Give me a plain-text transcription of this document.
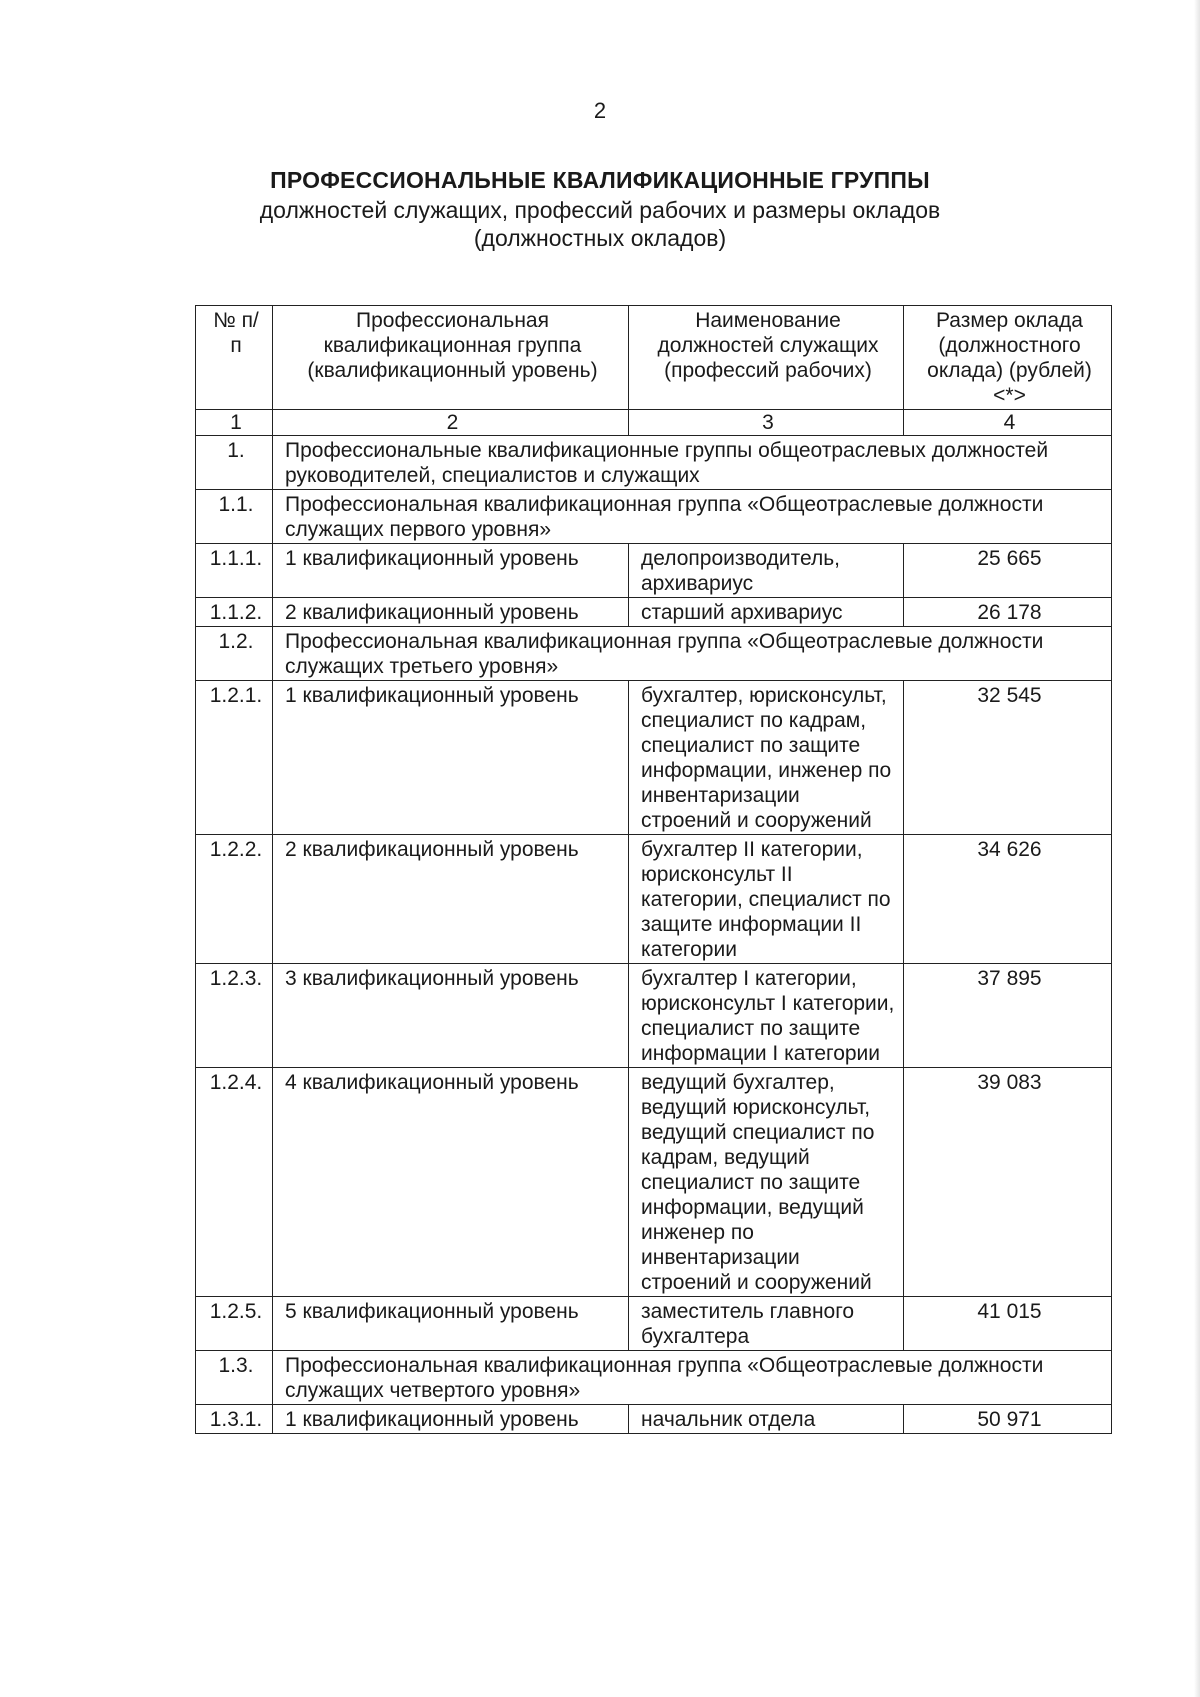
2
ПРОФЕССИОНАЛЬНЫЕ КВАЛИФИКАЦИОННЫЕ ГРУППЫ
должностей служащих, профессий рабочих и размеры окладов
(должностных окладов)
№ п/п	Профессиональная квалификационная группа (квалификационный уровень)	Наименование должностей служащих (профессий рабочих)	Размер оклада (должностного оклада) (рублей) <*>
1	2	3	4
1.	Профессиональные квалификационные группы общеотраслевых должностей руководителей, специалистов и служащих		
1.1.	Профессиональная квалификационная группа «Общеотраслевые должности служащих первого уровня»		
1.1.1.	1 квалификационный уровень	делопроизводитель, архивариус	25 665
1.1.2.	2 квалификационный уровень	старший архивариус	26 178
1.2.	Профессиональная квалификационная группа «Общеотраслевые должности служащих третьего уровня»		
1.2.1.	1 квалификационный уровень	бухгалтер, юрисконсульт, специалист по кадрам, специалист по защите информации, инженер по инвентаризации строений и сооружений	32 545
1.2.2.	2 квалификационный уровень	бухгалтер II категории, юрисконсульт II категории, специалист по защите информации II категории	34 626
1.2.3.	3 квалификационный уровень	бухгалтер I категории, юрисконсульт I категории, специалист по защите информации I категории	37 895
1.2.4.	4 квалификационный уровень	ведущий бухгалтер, ведущий юрисконсульт, ведущий специалист по кадрам, ведущий специалист по защите информации, ведущий инженер по инвентаризации строений и сооружений	39 083
1.2.5.	5 квалификационный уровень	заместитель главного бухгалтера	41 015
1.3.	Профессиональная квалификационная группа «Общеотраслевые должности служащих четвертого уровня»		
1.3.1.	1 квалификационный уровень	начальник отдела	50 971
